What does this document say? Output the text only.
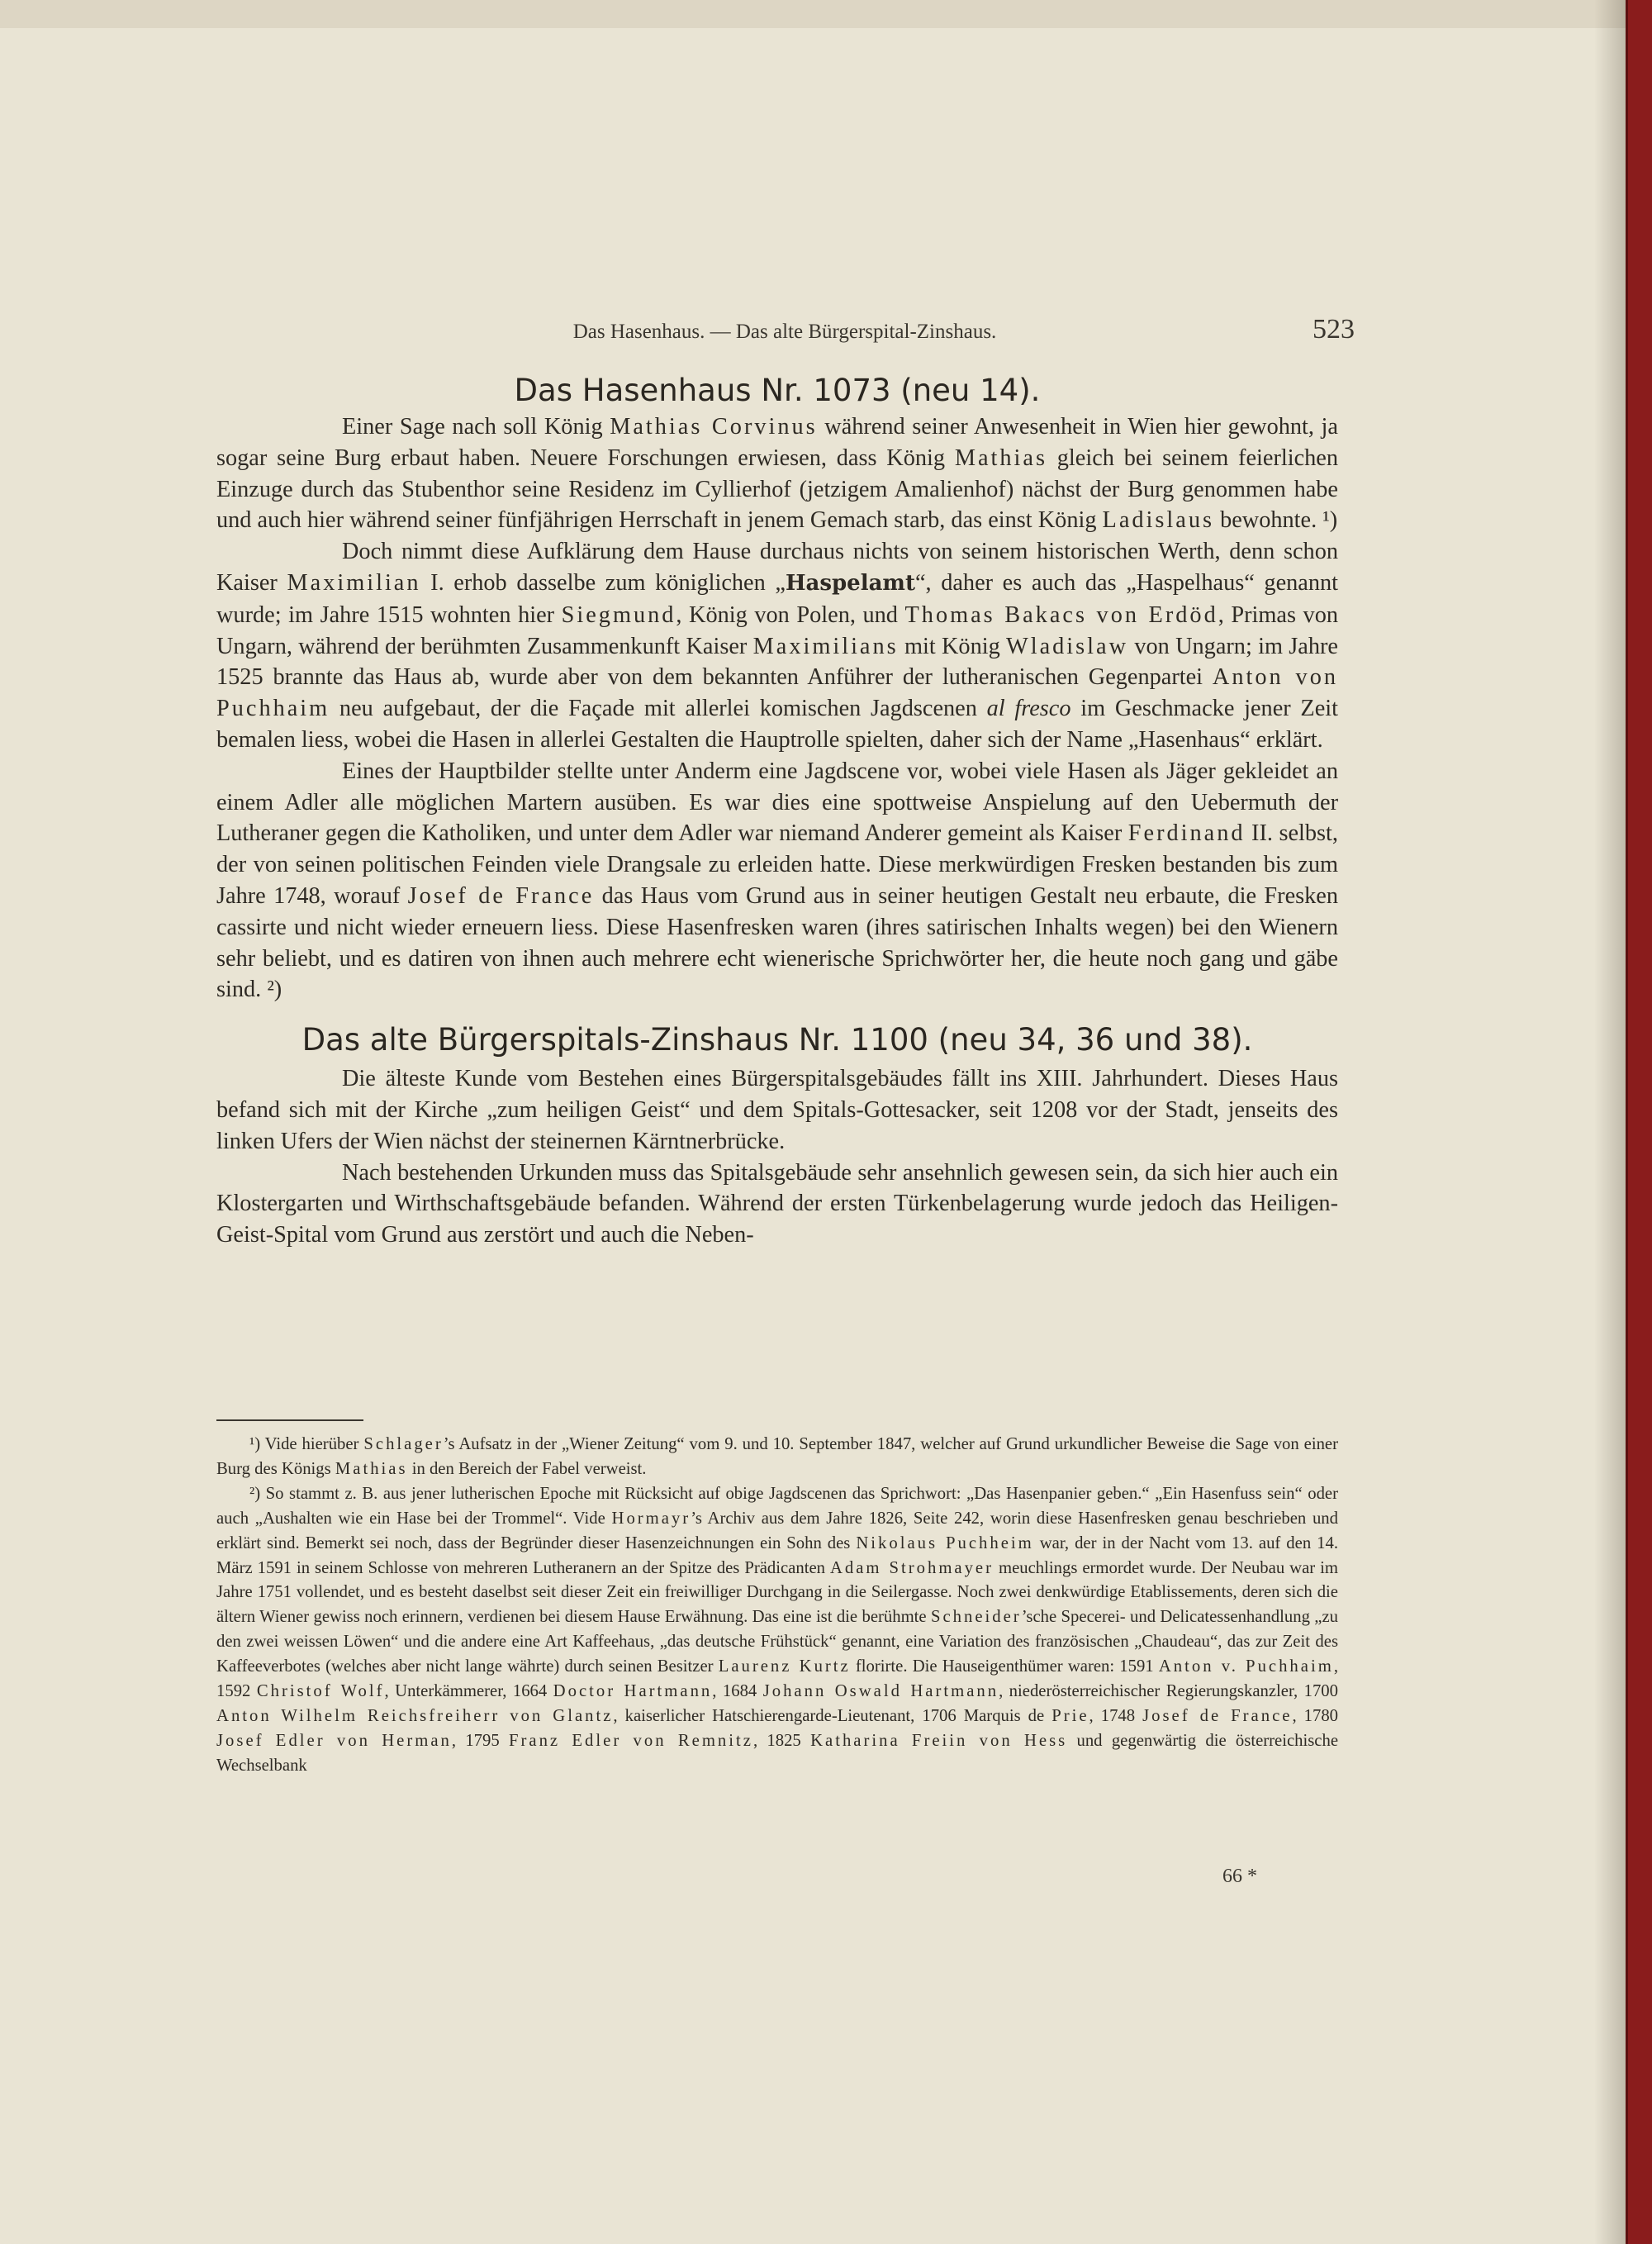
Das Hasenhaus. — Das alte Bürgerspital-Zinshaus.	523
Das Hasenhaus Nr. 1073 (neu 14).

Einer Sage nach soll König Mathias Corvinus während seiner Anwesenheit in Wien hier gewohnt, ja sogar seine Burg erbaut haben. Neuere Forschungen erwiesen, dass König Mathias gleich bei seinem feierlichen Einzuge durch das Stubenthor seine Residenz im Cyllierhof (jetzigem Amalienhof) nächst der Burg genommen habe und auch hier während seiner fünfjährigen Herrschaft in jenem Gemach starb, das einst König Ladislaus bewohnte. ¹)

Doch nimmt diese Aufklärung dem Hause durchaus nichts von seinem historischen Werth, denn schon Kaiser Maximilian I. erhob dasselbe zum königlichen „Haspelamt“, daher es auch das „Haspelhaus“ genannt wurde; im Jahre 1515 wohnten hier Siegmund, König von Polen, und Thomas Bakacs von Erdöd, Primas von Ungarn, während der berühmten Zusammenkunft Kaiser Maximilians mit König Wladislaw von Ungarn; im Jahre 1525 brannte das Haus ab, wurde aber von dem bekannten Anführer der lutheranischen Gegenpartei Anton von Puchhaim neu aufgebaut, der die Façade mit allerlei komischen Jagdscenen al fresco im Geschmacke jener Zeit bemalen liess, wobei die Hasen in allerlei Gestalten die Hauptrolle spielten, daher sich der Name „Hasenhaus“ erklärt.

Eines der Hauptbilder stellte unter Anderm eine Jagdscene vor, wobei viele Hasen als Jäger gekleidet an einem Adler alle möglichen Martern ausüben. Es war dies eine spottweise Anspielung auf den Uebermuth der Lutheraner gegen die Katholiken, und unter dem Adler war niemand Anderer gemeint als Kaiser Ferdinand II. selbst, der von seinen politischen Feinden viele Drangsale zu erleiden hatte. Diese merkwürdigen Fresken bestanden bis zum Jahre 1748, worauf Josef de France das Haus vom Grund aus in seiner heutigen Gestalt neu erbaute, die Fresken cassirte und nicht wieder erneuern liess. Diese Hasenfresken waren (ihres satirischen Inhalts wegen) bei den Wienern sehr beliebt, und es datiren von ihnen auch mehrere echt wienerische Sprichwörter her, die heute noch gang und gäbe sind. ²)

Das alte Bürgerspitals-Zinshaus Nr. 1100 (neu 34, 36 und 38).

Die älteste Kunde vom Bestehen eines Bürgerspitalsgebäudes fällt ins XIII. Jahrhundert. Dieses Haus befand sich mit der Kirche „zum heiligen Geist“ und dem Spitals-Gottesacker, seit 1208 vor der Stadt, jenseits des linken Ufers der Wien nächst der steinernen Kärntnerbrücke.

Nach bestehenden Urkunden muss das Spitalsgebäude sehr ansehnlich gewesen sein, da sich hier auch ein Klostergarten und Wirthschaftsgebäude befanden. Während der ersten Türkenbelagerung wurde jedoch das Heiligen-Geist-Spital vom Grund aus zerstört und auch die Neben-

¹) Vide hierüber Schlager’s Aufsatz in der „Wiener Zeitung“ vom 9. und 10. September 1847, welcher auf Grund urkundlicher Beweise die Sage von einer Burg des Königs Mathias in den Bereich der Fabel verweist.

²) So stammt z. B. aus jener lutherischen Epoche mit Rücksicht auf obige Jagdscenen das Sprichwort: „Das Hasenpanier geben.“ „Ein Hasenfuss sein“ oder auch „Aushalten wie ein Hase bei der Trommel“. Vide Hormayr’s Archiv aus dem Jahre 1826, Seite 242, worin diese Hasenfresken genau beschrieben und erklärt sind. Bemerkt sei noch, dass der Begründer dieser Hasenzeichnungen ein Sohn des Nikolaus Puchheim war, der in der Nacht vom 13. auf den 14. März 1591 in seinem Schlosse von mehreren Lutheranern an der Spitze des Prädicanten Adam Strohmayer meuchlings ermordet wurde. Der Neubau war im Jahre 1751 vollendet, und es besteht daselbst seit dieser Zeit ein freiwilliger Durchgang in die Seilergasse. Noch zwei denkwürdige Etablissements, deren sich die ältern Wiener gewiss noch erinnern, verdienen bei diesem Hause Erwähnung. Das eine ist die berühmte Schneider’sche Specerei- und Delicatessenhandlung „zu den zwei weissen Löwen“ und die andere eine Art Kaffeehaus, „das deutsche Frühstück“ genannt, eine Variation des französischen „Chaudeau“, das zur Zeit des Kaffeeverbotes (welches aber nicht lange währte) durch seinen Besitzer Laurenz Kurtz florirte. Die Hauseigenthümer waren: 1591 Anton v. Puchhaim, 1592 Christof Wolf, Unterkämmerer, 1664 Doctor Hartmann, 1684 Johann Oswald Hartmann, niederösterreichischer Regierungskanzler, 1700 Anton Wilhelm Reichsfreiherr von Glantz, kaiserlicher Hatschierengarde-Lieutenant, 1706 Marquis de Prie, 1748 Josef de France, 1780 Josef Edler von Herman, 1795 Franz Edler von Remnitz, 1825 Katharina Freiin von Hess und gegenwärtig die österreichische Wechselbank

66 *
